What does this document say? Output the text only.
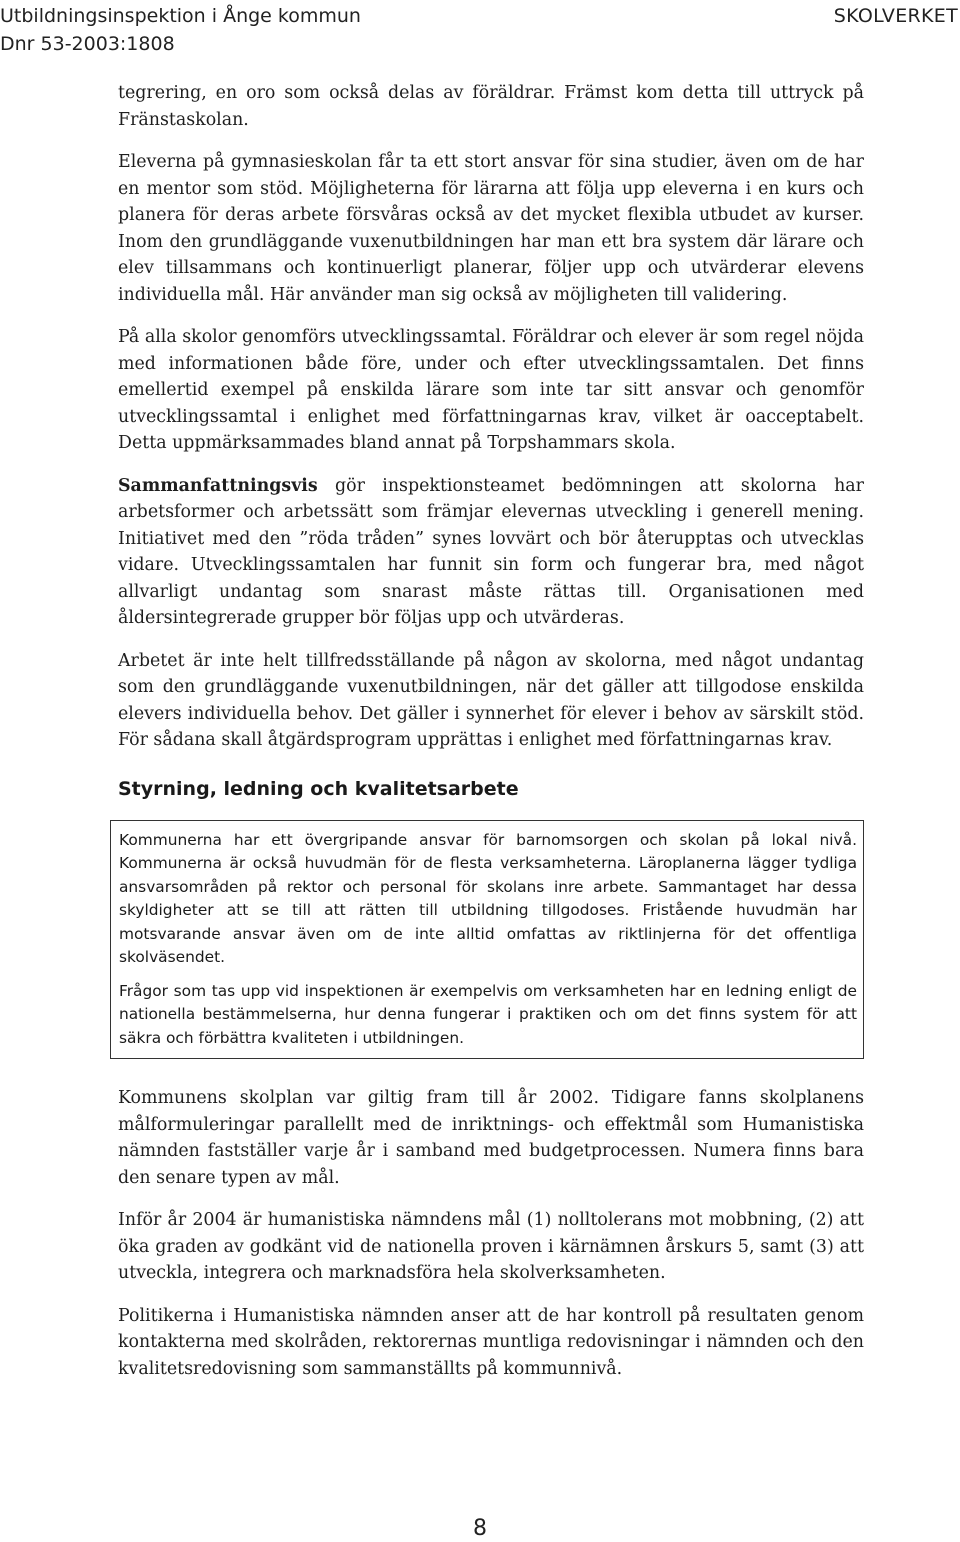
Utbildningsinspektion i Ånge kommun
Dnr 53-2003:1808
SKOLVERKET

tegrering, en oro som också delas av föräldrar. Främst kom detta till uttryck på Fränstaskolan.

Eleverna på gymnasieskolan får ta ett stort ansvar för sina studier, även om de har en mentor som stöd. Möjligheterna för lärarna att följa upp eleverna i en kurs och planera för deras arbete försvåras också av det mycket flexibla utbudet av kurser. Inom den grundläggande vuxenutbildningen har man ett bra system där lärare och elev tillsammans och kontinuerligt planerar, följer upp och utvärderar elevens individuella mål. Här använder man sig också av möjligheten till validering.

På alla skolor genomförs utvecklingssamtal. Föräldrar och elever är som regel nöjda med informationen både före, under och efter utvecklingssamtalen. Det finns emellertid exempel på enskilda lärare som inte tar sitt ansvar och genomför utvecklingssamtal i enlighet med författningarnas krav, vilket är oacceptabelt. Detta uppmärksammades bland annat på Torpshammars skola.

Sammanfattningsvis gör inspektionsteamet bedömningen att skolorna har arbetsformer och arbetssätt som främjar elevernas utveckling i generell mening. Initiativet med den ”röda tråden” synes lovvärt och bör återupptas och utvecklas vidare. Utvecklingssamtalen har funnit sin form och fungerar bra, med något allvarligt undantag som snarast måste rättas till. Organisationen med åldersintegrerade grupper bör följas upp och utvärderas.

Arbetet är inte helt tillfredsställande på någon av skolorna, med något undantag som den grundläggande vuxenutbildningen, när det gäller att tillgodose enskilda elevers individuella behov. Det gäller i synnerhet för elever i behov av särskilt stöd. För sådana skall åtgärdsprogram upprättas i enlighet med författningarnas krav.

Styrning, ledning och kvalitetsarbete

Kommunerna har ett övergripande ansvar för barnomsorgen och skolan på lokal nivå. Kommunerna är också huvudmän för de flesta verksamheterna. Läroplanerna lägger tydliga ansvarsområden på rektor och personal för skolans inre arbete. Sammantaget har dessa skyldigheter att se till att rätten till utbildning tillgodoses. Fristående huvudmän har motsvarande ansvar även om de inte alltid omfattas av riktlinjerna för det offentliga skolväsendet.

Frågor som tas upp vid inspektionen är exempelvis om verksamheten har en ledning enligt de nationella bestämmelserna, hur denna fungerar i praktiken och om det finns system för att säkra och förbättra kvaliteten i utbildningen.

Kommunens skolplan var giltig fram till år 2002. Tidigare fanns skolplanens målformuleringar parallellt med de inriktnings- och effektmål som Humanistiska nämnden fastställer varje år i samband med budgetprocessen. Numera finns bara den senare typen av mål.

Inför år 2004 är humanistiska nämndens mål (1) nolltolerans mot mobbning, (2) att öka graden av godkänt vid de nationella proven i kärnämnen årskurs 5, samt (3) att utveckla, integrera och marknadsföra hela skolverksamheten.

Politikerna i Humanistiska nämnden anser att de har kontroll på resultaten genom kontakterna med skolråden, rektorernas muntliga redovisningar i nämnden och den kvalitetsredovisning som sammanställts på kommunnivå.

8
